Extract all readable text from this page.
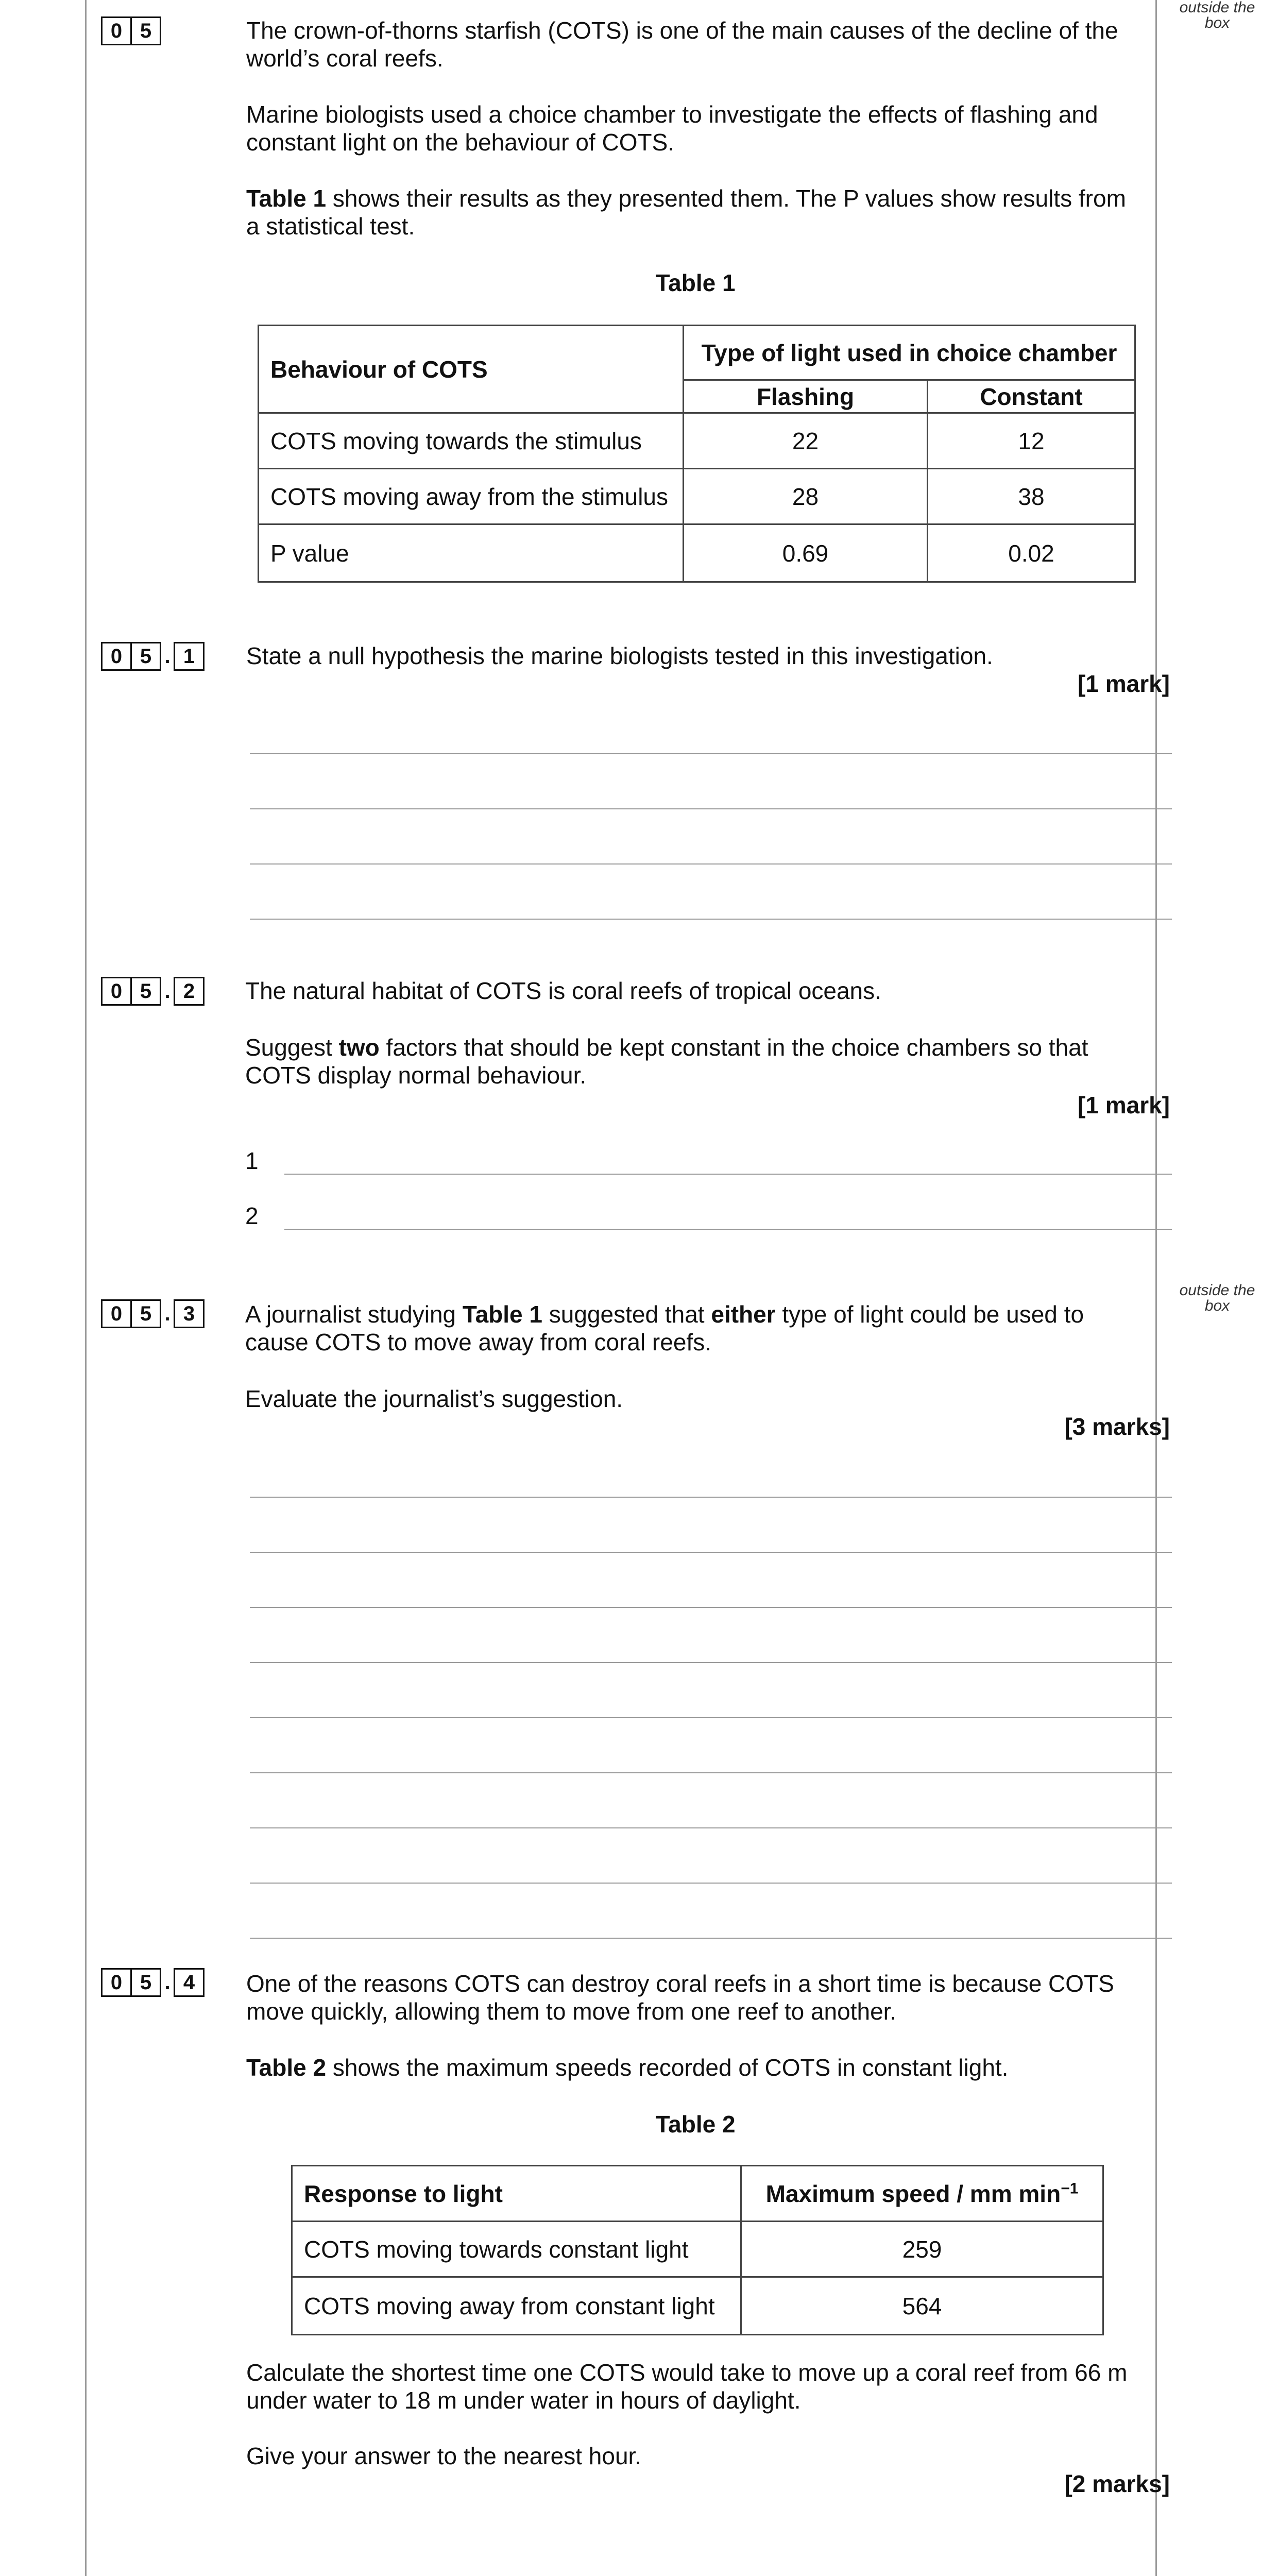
outside the
box
outside the
box
0 5	The crown-of-thorns starfish (COTS) is one of the main causes of the decline of the
world’s coral reefs.
Marine biologists used a choice chamber to investigate the effects of flashing and
constant light on the behaviour of COTS.
Table 1 shows their results as they presented them. The P values show results from
a statistical test.
Table 1
Behaviour of COTS	Type of light used in choice chamber	
	Flashing	Constant
COTS moving towards the stimulus	22	12
COTS moving away from the stimulus	28	38
P value	0.69	0.02
0 5 . 1	State a null hypothesis the marine biologists tested in this investigation.
[1 mark]
0 5 . 2	The natural habitat of COTS is coral reefs of tropical oceans.
Suggest two factors that should be kept constant in the choice chambers so that
COTS display normal behaviour.
[1 mark]
1
2
0 5 . 3	A journalist studying Table 1 suggested that either type of light could be used to
cause COTS to move away from coral reefs.
Evaluate the journalist’s suggestion.
[3 marks]
0 5 . 4	One of the reasons COTS can destroy coral reefs in a short time is because COTS
move quickly, allowing them to move from one reef to another.
Table 2 shows the maximum speeds recorded of COTS in constant light.
Table 2
Response to light	Maximum speed / mm $\min^{-1}$
COTS moving towards constant light	259
COTS moving away from constant light	564
Calculate the shortest time one COTS would take to move up a coral reef from 66 m
under water to 18 m under water in hours of daylight.
Give your answer to the nearest hour.
[2 marks]
